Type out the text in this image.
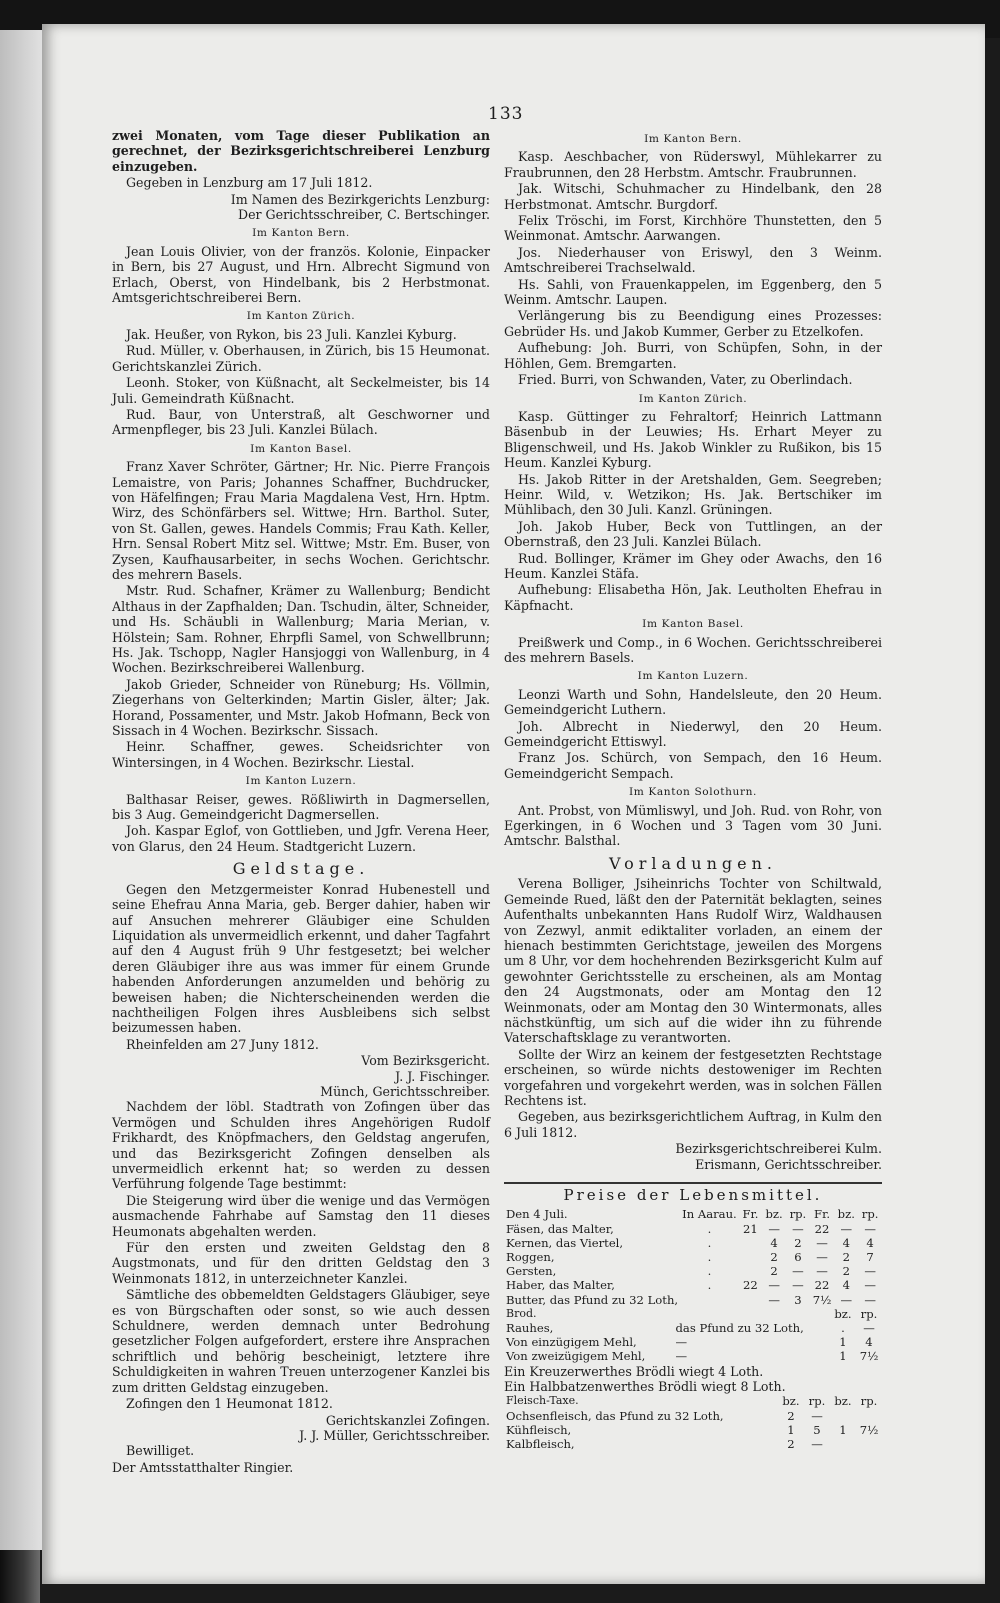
133

zwei Monaten, vom Tage dieser Publikation an gerechnet, der Bezirksgerichtschreiberei Lenzburg einzugeben.

Gegeben in Lenzburg am 17 Juli 1812.

Im Namen des Bezirkgerichts Lenzburg:
Der Gerichtsschreiber, C. Bertschinger.
Im Kanton Bern.

Jean Louis Olivier, von der französ. Kolonie, Einpacker in Bern, bis 27 August, und Hrn. Albrecht Sigmund von Erlach, Oberst, von Hindelbank, bis 2 Herbstmonat. Amtsgerichtschreiberei Bern.

Im Kanton Zürich.

Jak. Heußer, von Rykon, bis 23 Juli. Kanzlei Kyburg.

Rud. Müller, v. Oberhausen, in Zürich, bis 15 Heumonat. Gerichtskanzlei Zürich.

Leonh. Stoker, von Küßnacht, alt Seckelmeister, bis 14 Juli. Gemeindrath Küßnacht.

Rud. Baur, von Unterstraß, alt Geschworner und Armenpfleger, bis 23 Juli. Kanzlei Bülach.

Im Kanton Basel.

Franz Xaver Schröter, Gärtner; Hr. Nic. Pierre François Lemaistre, von Paris; Johannes Schaffner, Buchdrucker, von Häfelfingen; Frau Maria Magdalena Vest, Hrn. Hptm. Wirz, des Schönfärbers sel. Wittwe; Hrn. Barthol. Suter, von St. Gallen, gewes. Handels Commis; Frau Kath. Keller, Hrn. Sensal Robert Mitz sel. Wittwe; Mstr. Em. Buser, von Zysen, Kaufhausarbeiter, in sechs Wochen. Gerichtschr. des mehrern Basels.

Mstr. Rud. Schafner, Krämer zu Wallenburg; Bendicht Althaus in der Zapfhalden; Dan. Tschudin, älter, Schneider, und Hs. Schäubli in Wallenburg; Maria Merian, v. Hölstein; Sam. Rohner, Ehrpfli Samel, von Schwellbrunn; Hs. Jak. Tschopp, Nagler Hansjoggi von Wallenburg, in 4 Wochen. Bezirkschreiberei Wallenburg.

Jakob Grieder, Schneider von Rüneburg; Hs. Völlmin, Ziegerhans von Gelterkinden; Martin Gisler, älter; Jak. Horand, Possamenter, und Mstr. Jakob Hofmann, Beck von Sissach in 4 Wochen. Bezirkschr. Sissach.

Heinr. Schaffner, gewes. Scheidsrichter von Wintersingen, in 4 Wochen. Bezirkschr. Liestal.

Im Kanton Luzern.

Balthasar Reiser, gewes. Rößliwirth in Dagmersellen, bis 3 Aug. Gemeindgericht Dagmersellen.

Joh. Kaspar Eglof, von Gottlieben, und Jgfr. Verena Heer, von Glarus, den 24 Heum. Stadtgericht Luzern.

Geldstage.

Gegen den Metzgermeister Konrad Hubenestell und seine Ehefrau Anna Maria, geb. Berger dahier, haben wir auf Ansuchen mehrerer Gläubiger eine Schulden Liquidation als unvermeidlich erkennt, und daher Tagfahrt auf den 4 August früh 9 Uhr festgesetzt; bei welcher deren Gläubiger ihre aus was immer für einem Grunde habenden Anforderungen anzumelden und behörig zu beweisen haben; die Nichterscheinenden werden die nachtheiligen Folgen ihres Ausbleibens sich selbst beizumessen haben.

Rheinfelden am 27 Juny 1812.

Vom Bezirksgericht.
J. J. Fischinger.
Münch, Gerichtsschreiber.

Nachdem der löbl. Stadtrath von Zofingen über das Vermögen und Schulden ihres Angehörigen Rudolf Frikhardt, des Knöpfmachers, den Geldstag angerufen, und das Bezirksgericht Zofingen denselben als unvermeidlich erkennt hat; so werden zu dessen Verführung folgende Tage bestimmt:

Die Steigerung wird über die wenige und das Vermögen ausmachende Fahrhabe auf Samstag den 11 dieses Heumonats abgehalten werden.

Für den ersten und zweiten Geldstag den 8 Augstmonats, und für den dritten Geldstag den 3 Weinmonats 1812, in unterzeichneter Kanzlei.

Sämtliche des obbemeldten Geldstagers Gläubiger, seye es von Bürgschaften oder sonst, so wie auch dessen Schuldnere, werden demnach unter Bedrohung gesetzlicher Folgen aufgefordert, erstere ihre Ansprachen schriftlich und behörig bescheinigt, letztere ihre Schuldigkeiten in wahren Treuen unterzogener Kanzlei bis zum dritten Geldstag einzugeben.

Zofingen den 1 Heumonat 1812.

Gerichtskanzlei Zofingen.
J. J. Müller, Gerichtsschreiber.

Bewilliget.

Der Amtsstatthalter Ringier.

Im Kanton Bern.

Kasp. Aeschbacher, von Rüderswyl, Mühlekarrer zu Fraubrunnen, den 28 Herbstm. Amtschr. Fraubrunnen.

Jak. Witschi, Schuhmacher zu Hindelbank, den 28 Herbstmonat. Amtschr. Burgdorf.

Felix Tröschi, im Forst, Kirchhöre Thunstetten, den 5 Weinmonat. Amtschr. Aarwangen.

Jos. Niederhauser von Eriswyl, den 3 Weinm. Amtschreiberei Trachselwald.

Hs. Sahli, von Frauenkappelen, im Eggenberg, den 5 Weinm. Amtschr. Laupen.

Verlängerung bis zu Beendigung eines Prozesses: Gebrüder Hs. und Jakob Kummer, Gerber zu Etzelkofen.

Aufhebung: Joh. Burri, von Schüpfen, Sohn, in der Höhlen, Gem. Bremgarten.

Fried. Burri, von Schwanden, Vater, zu Oberlindach.

Im Kanton Zürich.

Kasp. Güttinger zu Fehraltorf; Heinrich Lattmann Bäsenbub in der Leuwies; Hs. Erhart Meyer zu Bligenschweil, und Hs. Jakob Winkler zu Rußikon, bis 15 Heum. Kanzlei Kyburg.

Hs. Jakob Ritter in der Aretshalden, Gem. Seegreben; Heinr. Wild, v. Wetzikon; Hs. Jak. Bertschiker im Mühlibach, den 30 Juli. Kanzl. Grüningen.

Joh. Jakob Huber, Beck von Tuttlingen, an der Obernstraß, den 23 Juli. Kanzlei Bülach.

Rud. Bollinger, Krämer im Ghey oder Awachs, den 16 Heum. Kanzlei Stäfa.

Aufhebung: Elisabetha Hön, Jak. Leutholten Ehefrau in Käpfnacht.

Im Kanton Basel.

Preißwerk und Comp., in 6 Wochen. Gerichtsschreiberei des mehrern Basels.

Im Kanton Luzern.

Leonzi Warth und Sohn, Handelsleute, den 20 Heum. Gemeindgericht Luthern.

Joh. Albrecht in Niederwyl, den 20 Heum. Gemeindgericht Ettiswyl.

Franz Jos. Schürch, von Sempach, den 16 Heum. Gemeindgericht Sempach.

Im Kanton Solothurn.

Ant. Probst, von Mümliswyl, und Joh. Rud. von Rohr, von Egerkingen, in 6 Wochen und 3 Tagen vom 30 Juni. Amtschr. Balsthal.

Vorladungen.

Verena Bolliger, Jsiheinrichs Tochter von Schiltwald, Gemeinde Rued, läßt den der Paternität beklagten, seines Aufenthalts unbekannten Hans Rudolf Wirz, Waldhausen von Zezwyl, anmit ediktaliter vorladen, an einem der hienach bestimmten Gerichtstage, jeweilen des Morgens um 8 Uhr, vor dem hochehrenden Bezirksgericht Kulm auf gewohnter Gerichtsstelle zu erscheinen, als am Montag den 24 Augstmonats, oder am Montag den 12 Weinmonats, oder am Montag den 30 Wintermonats, alles nächstkünftig, um sich auf die wider ihn zu führende Vaterschaftsklage zu verantworten.

Sollte der Wirz an keinem der festgesetzten Rechtstage erscheinen, so würde nichts destoweniger im Rechten vorgefahren und vorgekehrt werden, was in solchen Fällen Rechtens ist.

Gegeben, aus bezirksgerichtlichem Auftrag, in Kulm den 6 Juli 1812.

Bezirksgerichtschreiberei Kulm.
Erismann, Gerichtsschreiber.
Preise der Lebensmittel.
Den 4 Juli.	In Aarau.	Fr.	bz.	rp.	Fr.	bz.	rp.
Fäsen, das Malter,	.	21	—	—	22	—	—
Kernen, das Viertel,	.		4	2	—	4	4
Roggen,	.		2	6	—	2	7
Gersten,	.		2	—	—	2	—
Haber, das Malter,	.	22	—	—	22	4	—
Butter, das Pfund zu 32 Loth,			—	3	7½	—	—
Brod.		bz.	rp.
Rauhes,	das Pfund zu 32 Loth,	.	—
Von einzügigem Mehl,	—	1	4
Von zweizügigem Mehl,	—	1	7½
Ein Kreuzerwerthes Brödli wiegt 4 Loth.
Ein Halbbatzenwerthes Brödli wiegt 8 Loth.
Fleisch-Taxe.	bz.	rp.	bz.	rp.
Ochsenfleisch, das Pfund zu 32 Loth,	2	—		
Kühfleisch,	1	5	1	7½
Kalbfleisch,	2	—		
